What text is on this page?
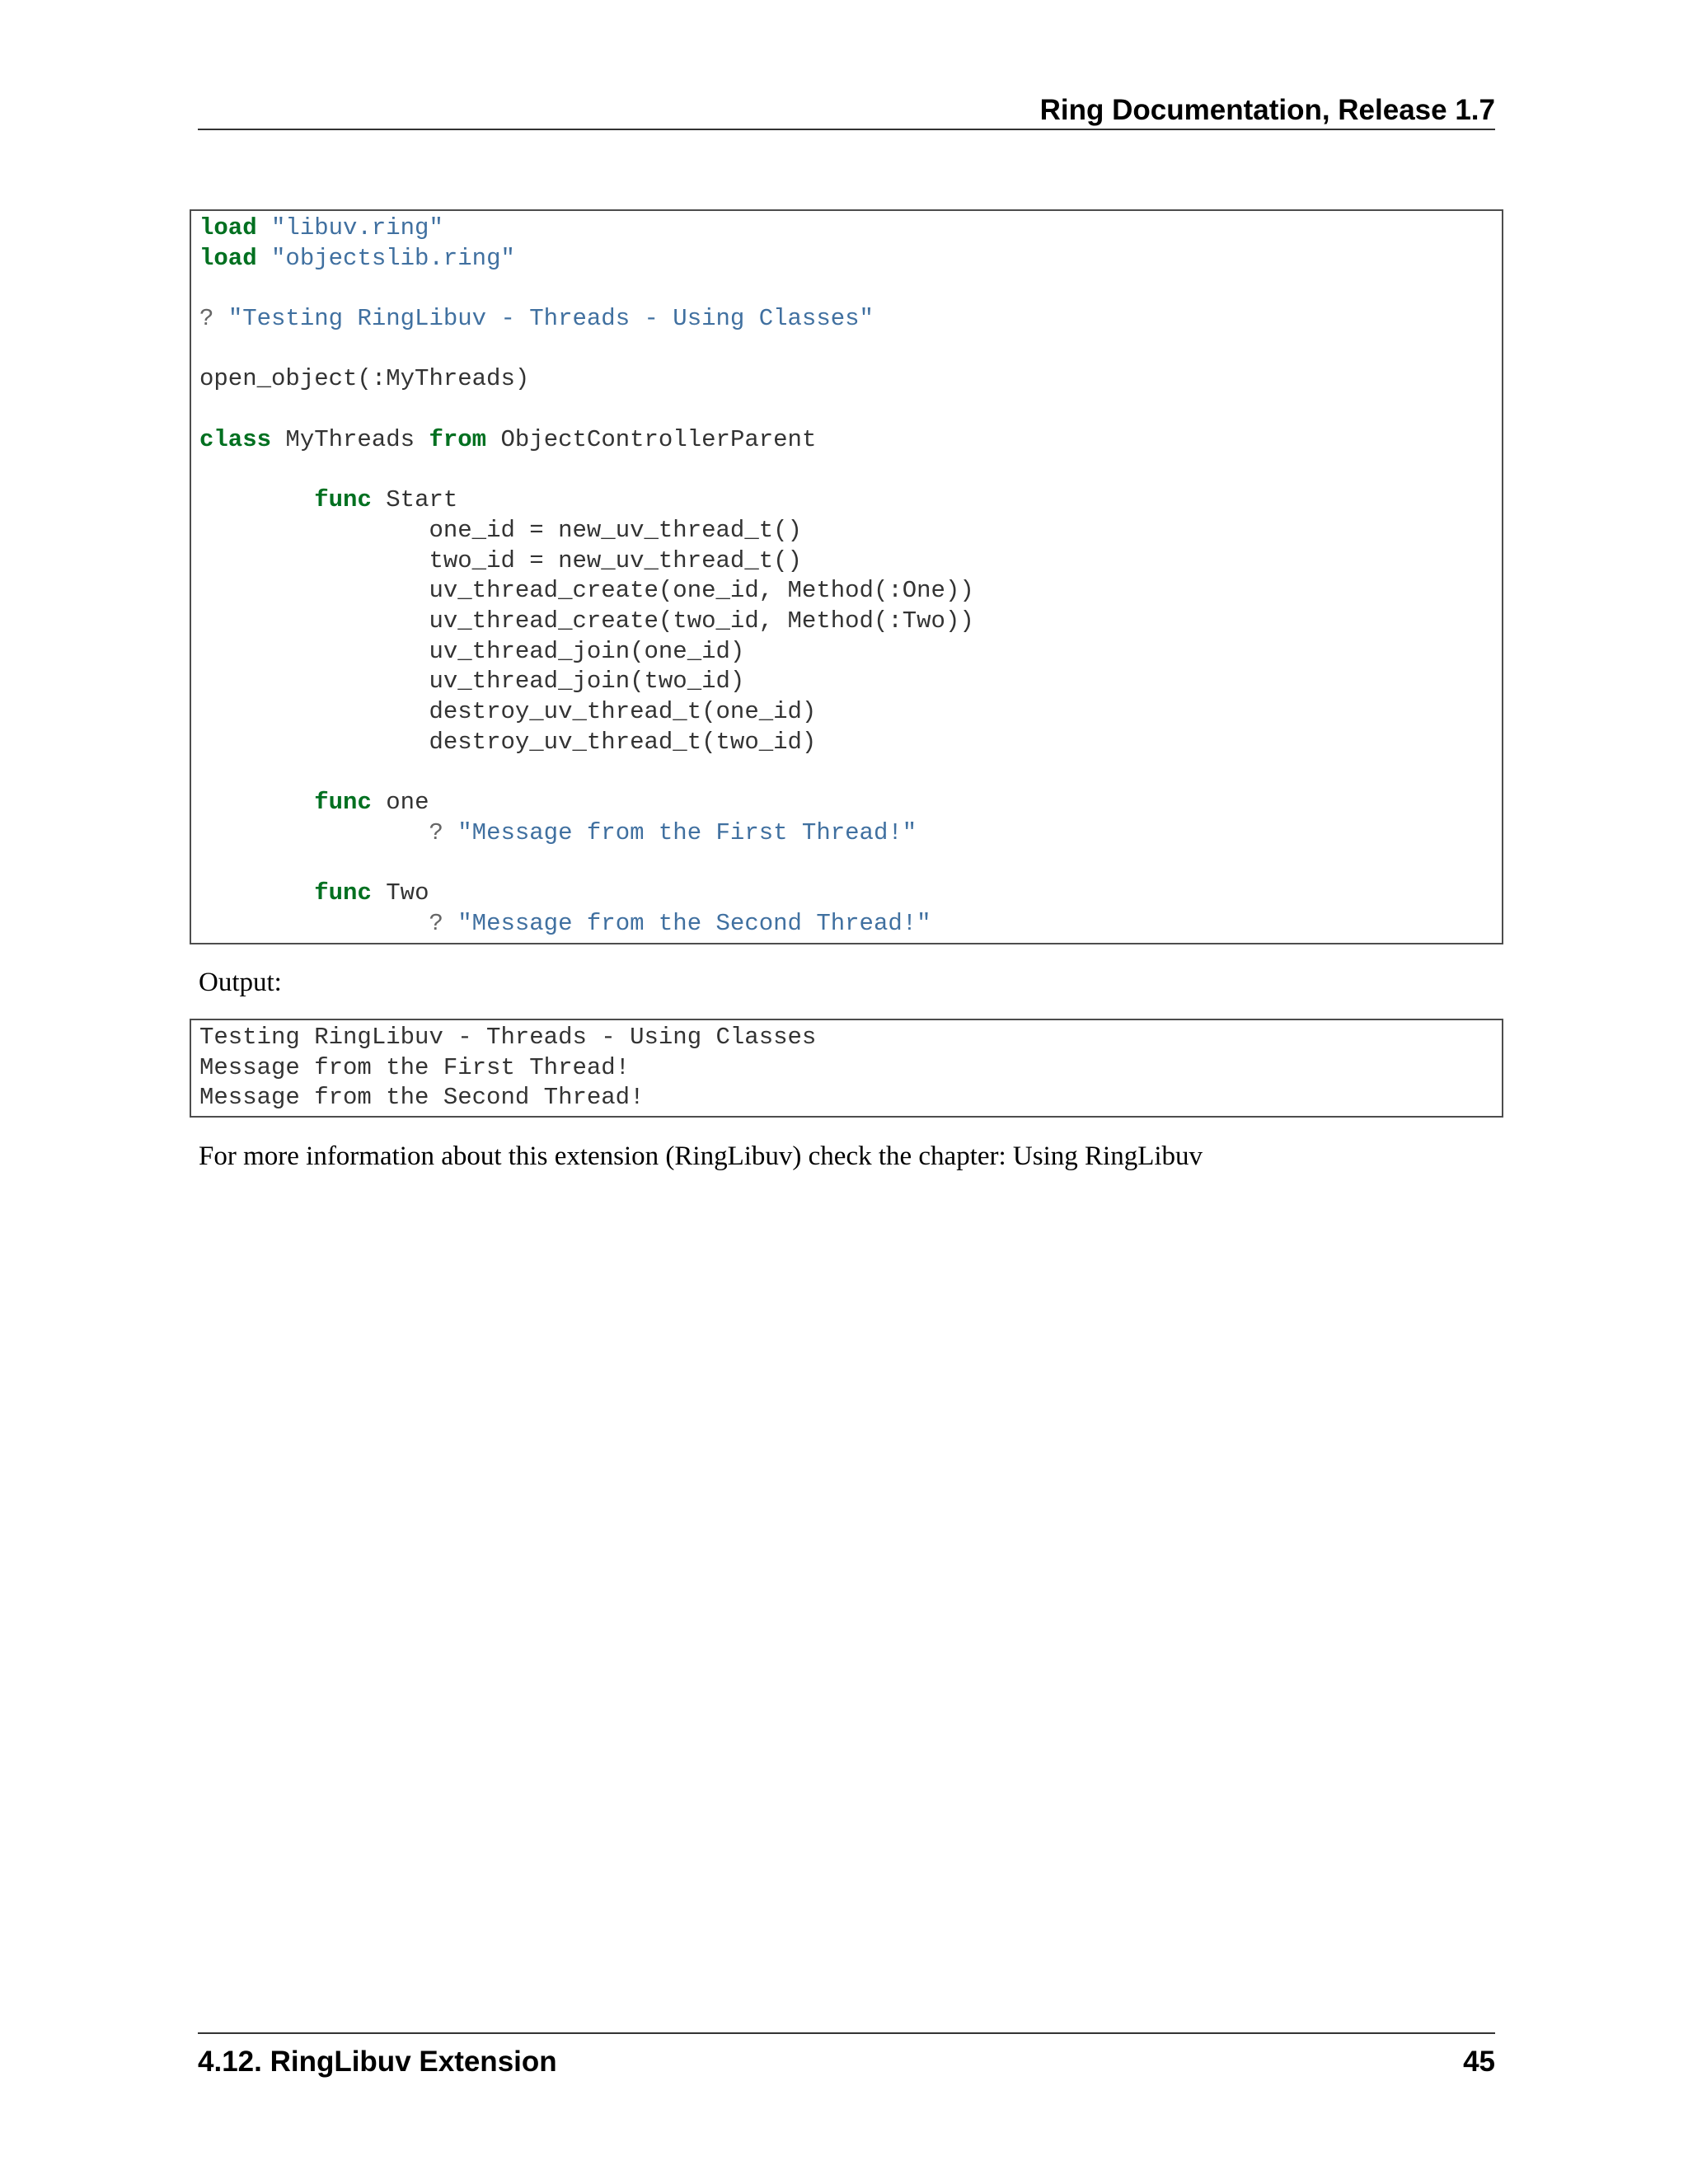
Ring Documentation, Release 1.7
load "libuv.ring"
load "objectslib.ring"

? "Testing RingLibuv - Threads - Using Classes"

open_object(:MyThreads)

class MyThreads from ObjectControllerParent

func Start
one_id = new_uv_thread_t()
two_id = new_uv_thread_t()
uv_thread_create(one_id, Method(:One))
uv_thread_create(two_id, Method(:Two))
uv_thread_join(one_id)
uv_thread_join(two_id)
destroy_uv_thread_t(one_id)
destroy_uv_thread_t(two_id)

func one
? "Message from the First Thread!"

func Two
? "Message from the Second Thread!"
Output:
Testing RingLibuv - Threads - Using Classes
Message from the First Thread!
Message from the Second Thread!
For more information about this extension (RingLibuv) check the chapter: Using RingLibuv
4.12. RingLibuv Extension	45
